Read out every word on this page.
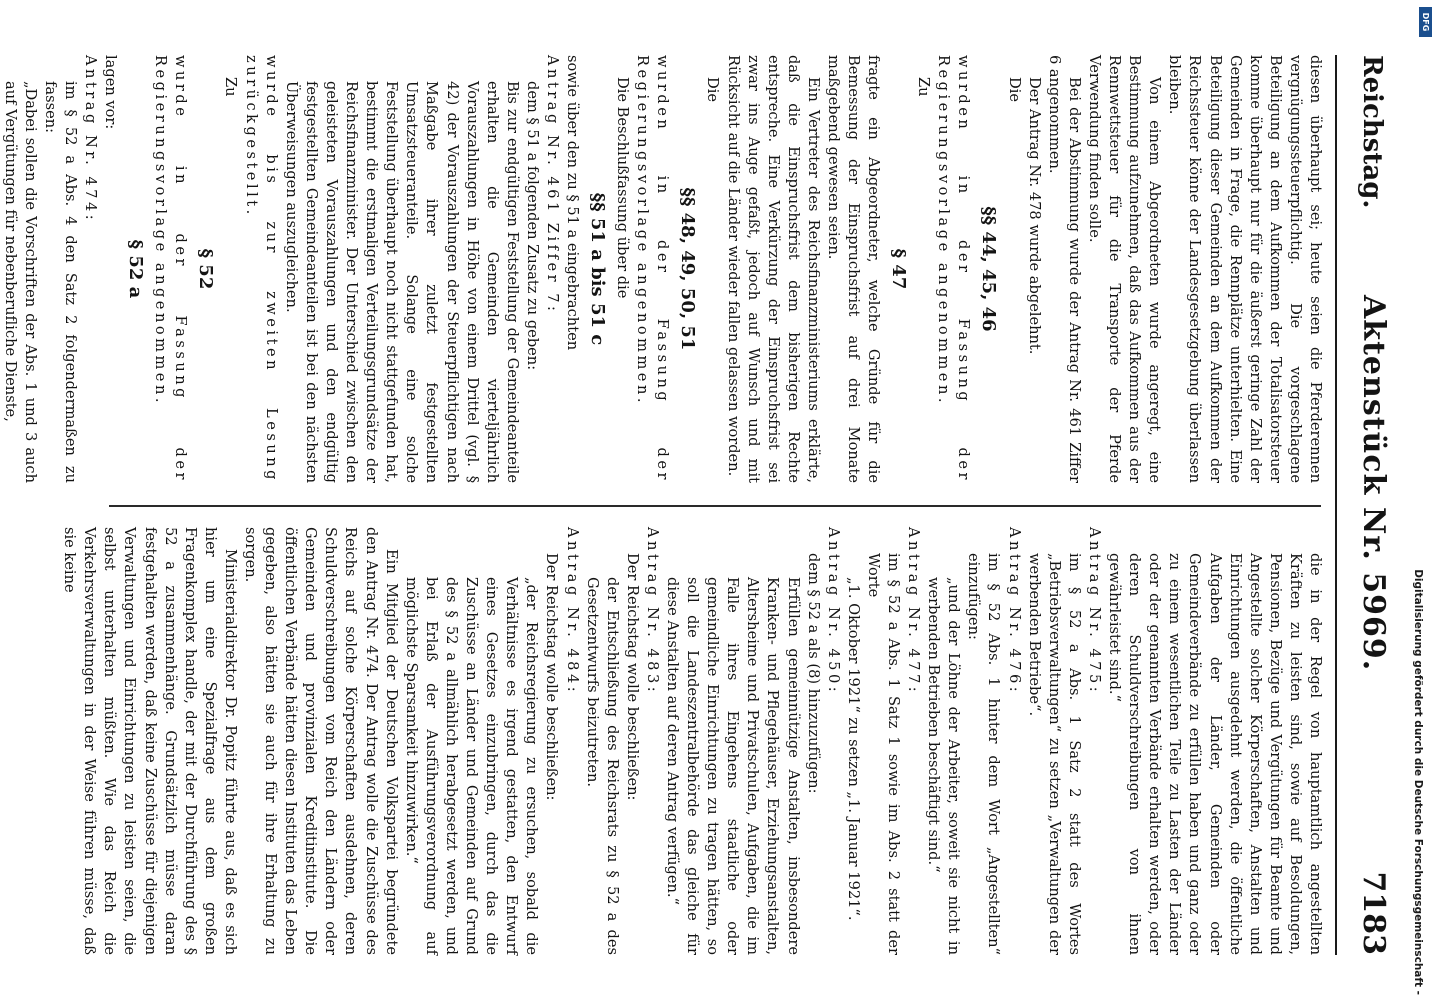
Reichstag.
Aktenstück Nr. 5969.
7183

diesen überhaupt sei; heute seien die Pferderennen vergnügungssteuerpflichtig. Die vorgeschlagene Beteiligung an dem Aufkommen der Totalisatorsteuer komme überhaupt nur für die äußerst geringe Zahl der Gemeinden in Frage, die Rennplätze unterhielten. Eine Beteiligung dieser Gemeinden an dem Aufkommen der Reichssteuer könne der Landesgesetzgebung überlassen bleiben.

Von einem Abgeordneten wurde angeregt, eine Bestimmung aufzunehmen, daß das Aufkommen aus der Rennwettsteuer für die Transporte der Pferde Verwendung finden solle.

Bei der Abstimmung wurde der Antrag Nr. 461 Ziffer 6 angenommen.

Der Antrag Nr. 478 wurde abgelehnt.

Die

§§ 44, 45, 46

wurden in der Fassung der Regierungsvorlage angenommen.

Zu

§ 47

fragte ein Abgeordneter, welche Gründe für die Bemessung der Einspruchsfrist auf drei Monate maßgebend gewesen seien.

Ein Vertreter des Reichsfinanzministeriums erklärte, daß die Einspruchsfrist dem bisherigen Rechte entspreche. Eine Verkürzung der Einspruchsfrist sei zwar ins Auge gefaßt, jedoch auf Wunsch und mit Rücksicht auf die Länder wieder fallen gelassen worden.

Die

§§ 48, 49, 50, 51

wurden in der Fassung der Regierungsvorlage angenommen.

Die Beschlußfassung über die

§§ 51 a bis 51 c

sowie über den zu § 51 a eingebrachten

Antrag Nr. 461 Ziffer 7:

dem § 51 a folgenden Zusatz zu geben:

Bis zur endgültigen Feststellung der Gemeindeanteile erhalten die Gemeinden vierteljährlich Vorauszahlungen in Höhe von einem Drittel (vgl. § 42) der Vorauszahlungen der Steuerpflichtigen nach Maßgabe ihrer zuletzt festgestellten Umsatzsteueranteile. Solange eine solche Feststellung überhaupt noch nicht stattgefunden hat, bestimmt die erstmaligen Verteilungsgrundsätze der Reichsfinanzminister. Der Unterschied zwischen den geleisteten Vorauszahlungen und den endgültig festgestellten Gemeindeanteilen ist bei den nächsten Überweisungen auszugleichen.

wurde bis zur zweiten Lesung zurückgestellt.

Zu

§ 52

wurde in der Fassung der Regierungsvorlage angenommen.

§ 52 a

lagen vor:

Antrag Nr. 474:

im § 52 a Abs. 4 den Satz 2 folgendermaßen zu fassen:

„Dabei sollen die Vorschriften der Abs. 1 und 3 auch auf Vergütungen für nebenberufliche Dienste,

die in der Regel von hauptamtlich angestellten Kräften zu leisten sind, sowie auf Besoldungen, Pensionen, Bezüge und Vergütungen für Beamte und Angestellte solcher Körperschaften, Anstalten und Einrichtungen ausgedehnt werden, die öffentliche Aufgaben der Länder, Gemeinden oder Gemeindeverbände zu erfüllen haben und ganz oder zu einem wesentlichen Teile zu Lasten der Länder oder der genannten Verbände erhalten werden, oder deren Schuldverschreibungen von ihnen gewährleistet sind.“

Antrag Nr. 475:

im § 52 a Abs. 1 Satz 2 statt des Wortes „Betriebsverwaltungen“ zu setzen „Verwaltungen der werbenden Betriebe“.

Antrag Nr. 476:

im § 52 Abs. 1 hinter dem Wort „Angestellten“ einzufügen:

„und der Löhne der Arbeiter, soweit sie nicht in werbenden Betrieben beschäftigt sind.“

Antrag Nr. 477:

im § 52 a Abs. 1 Satz 1 sowie im Abs. 2 statt der Worte

„1. Oktober 1921“ zu setzen „1. Januar 1921“.

Antrag Nr. 450:

dem § 52 a als (8) hinzuzufügen:

Erfüllen gemeinnützige Anstalten, insbesondere Kranken- und Pflegehäuser, Erziehungsanstalten, Altersheime und Privatschulen, Aufgaben, die im Falle ihres Eingehens staatliche oder gemeindliche Einrichtungen zu tragen hätten, so soll die Landeszentralbehörde das gleiche für diese Anstalten auf deren Antrag verfügen.“

Antrag Nr. 483:

Der Reichstag wolle beschließen:

der Entschließung des Reichsrats zu § 52 a des Gesetzentwurfs beizutreten.

Antrag Nr. 484:

Der Reichstag wolle beschließen:

„der Reichsregierung zu ersuchen, sobald die Verhältnisse es irgend gestatten, den Entwurf eines Gesetzes einzubringen, durch das die Zuschüsse an Länder und Gemeinden auf Grund des § 52 a allmählich herabgesetzt werden, und bei Erlaß der Ausführungsverordnung auf möglichste Sparsamkeit hinzuwirken.“

Ein Mitglied der Deutschen Volkspartei begründete den Antrag Nr. 474. Der Antrag wolle die Zuschüsse des Reichs auf solche Körperschaften ausdehnen, deren Schuldverschreibungen vom Reich den Ländern oder Gemeinden und provinzialen Kreditinstitute. Die öffentlichen Verbände hätten diesen Instituten das Leben gegeben, also hätten sie auch für ihre Erhaltung zu sorgen.

Ministerialdirektor Dr. Popitz führte aus, daß es sich hier um eine Spezialfrage aus dem großen Fragenkomplex handle, der mit der Durchführung des § 52 a zusammenhänge. Grundsätzlich müsse daran festgehalten werden, daß keine Zuschüsse für diejenigen Verwaltungen und Einrichtungen zu leisten seien, die selbst unterhalten müßten. Wie das Reich die Verkehrsverwaltungen in der Weise führen müsse, daß sie keine

Digitalisierung gefördert durch die Deutsche Forschungsgemeinschaft -
DFG
